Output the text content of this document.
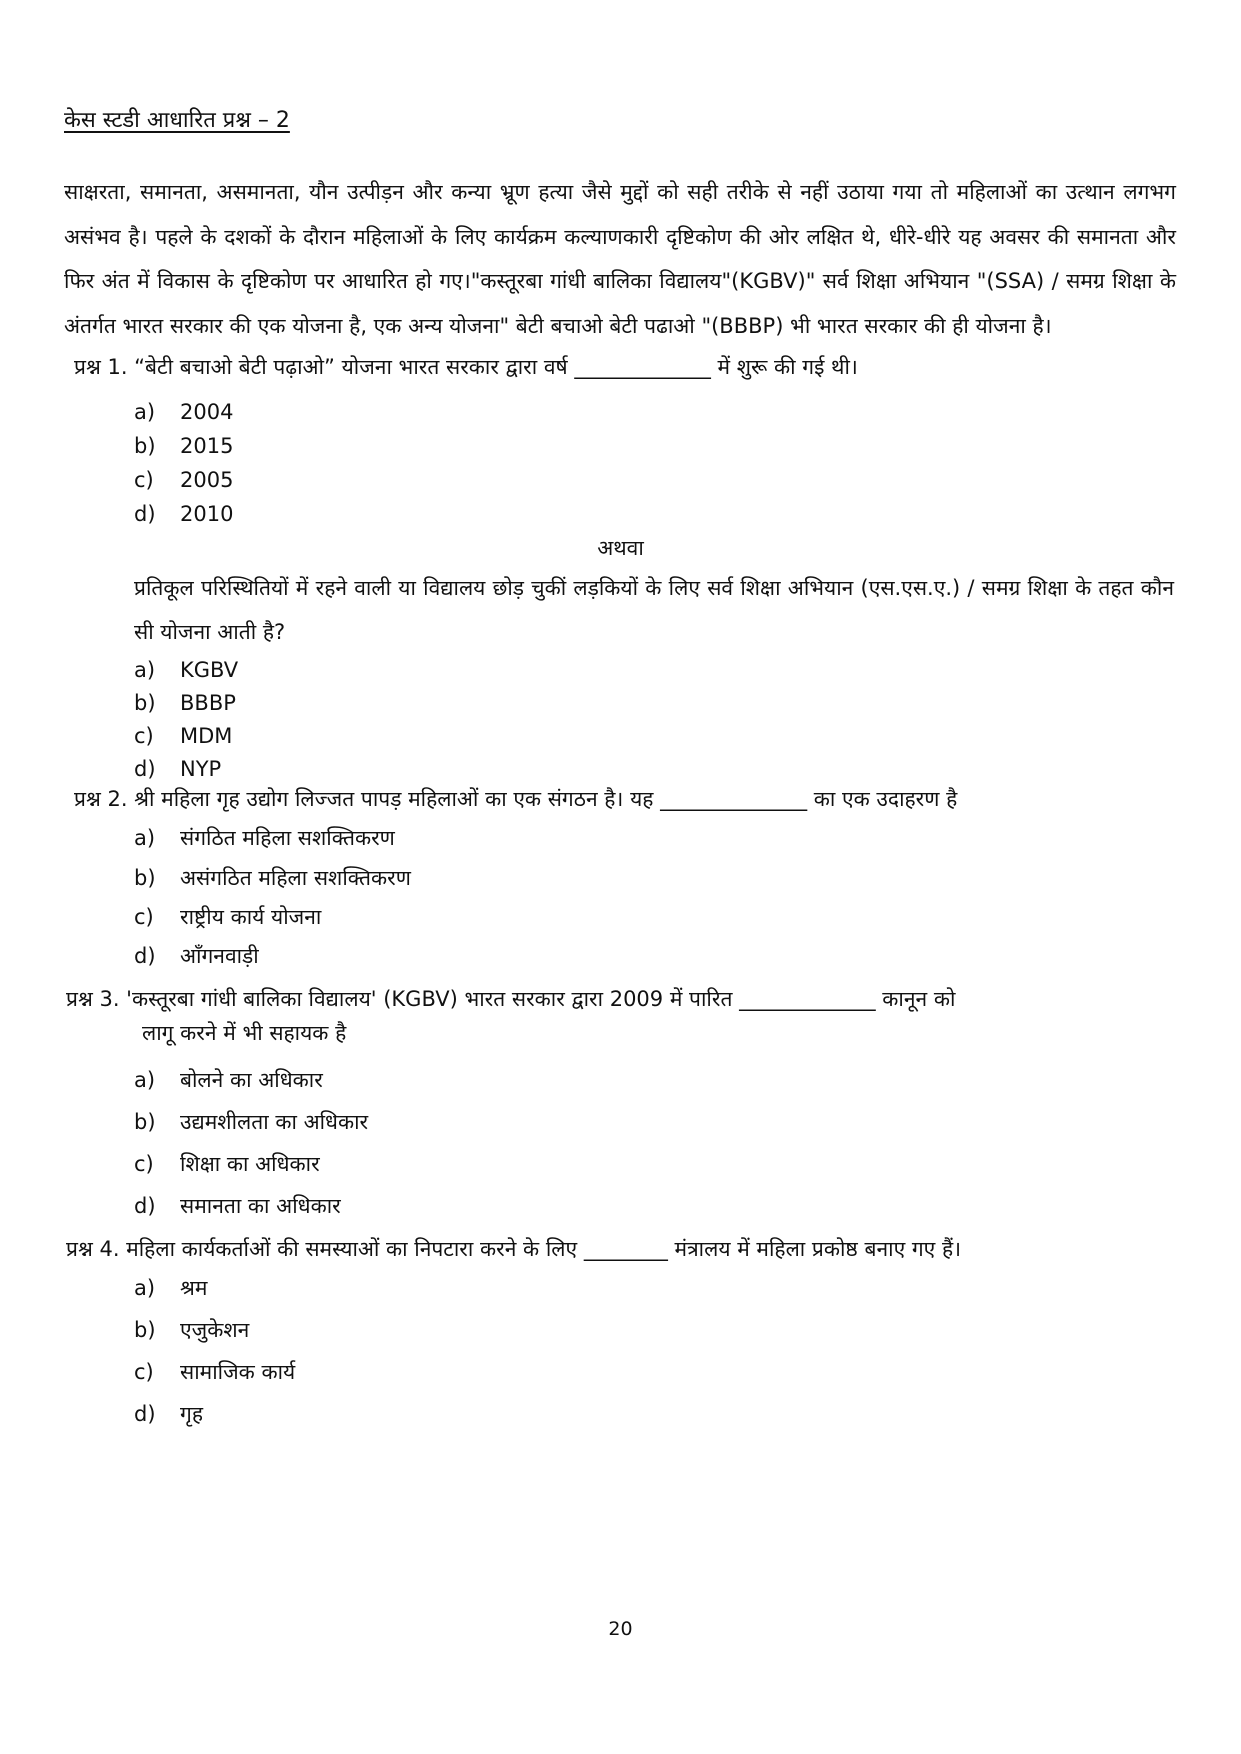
केस स्टडी आधारित प्रश्न – 2
साक्षरता, समानता, असमानता, यौन उत्पीड़न और कन्या भ्रूण हत्या जैसे मुद्दों को सही तरीके से नहीं उठाया गया तो महिलाओं का उत्थान लगभग असंभव है। पहले के दशकों के दौरान महिलाओं के लिए कार्यक्रम कल्याणकारी दृष्टिकोण की ओर लक्षित थे, धीरे-धीरे यह अवसर की समानता और फिर अंत में विकास के दृष्टिकोण पर आधारित हो गए।"कस्तूरबा गांधी बालिका विद्यालय"(KGBV)" सर्व शिक्षा अभियान "(SSA) / समग्र शिक्षा के अंतर्गत भारत सरकार की एक योजना है, एक अन्य योजना" बेटी बचाओ बेटी पढाओ "(BBBP) भी भारत सरकार की ही योजना है।
प्रश्न 1. “बेटी बचाओ बेटी पढ़ाओ” योजना भारत सरकार द्वारा वर्ष _____________ में शुरू की गई थी।
a) 2004
b) 2015
c) 2005
d) 2010
अथवा
प्रतिकूल परिस्थितियों में रहने वाली या विद्यालय छोड़ चुकीं लड़कियों के लिए सर्व शिक्षा अभियान (एस.एस.ए.) / समग्र शिक्षा के तहत कौन सी योजना आती है?
a) KGBV
b) BBBP
c) MDM
d) NYP
प्रश्न 2. श्री महिला गृह उद्योग लिज्जत पापड़ महिलाओं का एक संगठन है। यह ______________ का एक उदाहरण है
a) संगठित महिला सशक्तिकरण
b) असंगठित महिला सशक्तिकरण
c) राष्ट्रीय कार्य योजना
d) आँगनवाड़ी
प्रश्न 3. 'कस्तूरबा गांधी बालिका विद्यालय' (KGBV) भारत सरकार द्वारा 2009 में पारित _____________ कानून को
लागू करने में भी सहायक है
a) बोलने का अधिकार
b) उद्यमशीलता का अधिकार
c) शिक्षा का अधिकार
d) समानता का अधिकार
प्रश्न 4. महिला कार्यकर्ताओं की समस्याओं का निपटारा करने के लिए ________ मंत्रालय में महिला प्रकोष्ठ बनाए गए हैं।
a) श्रम
b) एजुकेशन
c) सामाजिक कार्य
d) गृह
20
